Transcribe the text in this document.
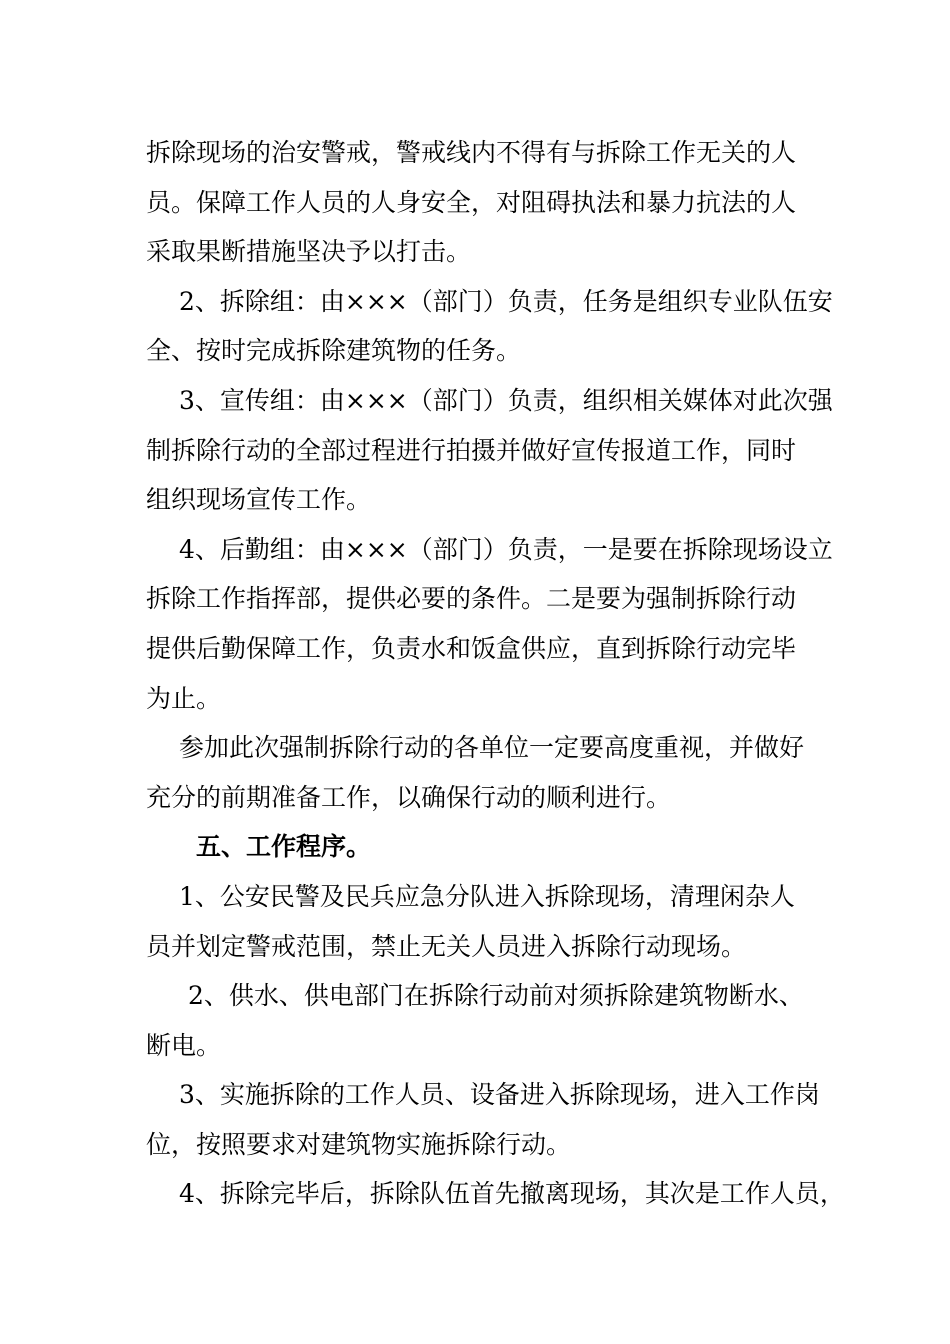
拆除现场的治安警戒，警戒线内不得有与拆除工作无关的人
员。保障工作人员的人身安全，对阻碍执法和暴力抗法的人
采取果断措施坚决予以打击。

2、拆除组：由×××（部门）负责，任务是组织专业队伍安
全、按时完成拆除建筑物的任务。

3、宣传组：由×××（部门）负责，组织相关媒体对此次强
制拆除行动的全部过程进行拍摄并做好宣传报道工作，同时
组织现场宣传工作。

4、后勤组：由×××（部门）负责，一是要在拆除现场设立
拆除工作指挥部，提供必要的条件。二是要为强制拆除行动
提供后勤保障工作，负责水和饭盒供应，直到拆除行动完毕
为止。

参加此次强制拆除行动的各单位一定要高度重视，并做好
充分的前期准备工作，以确保行动的顺利进行。

五、工作程序。

1、公安民警及民兵应急分队进入拆除现场，清理闲杂人
员并划定警戒范围，禁止无关人员进入拆除行动现场。

2、供水、供电部门在拆除行动前对须拆除建筑物断水、
断电。

3、实施拆除的工作人员、设备进入拆除现场，进入工作岗
位，按照要求对建筑物实施拆除行动。

4、拆除完毕后，拆除队伍首先撤离现场，其次是工作人员，
